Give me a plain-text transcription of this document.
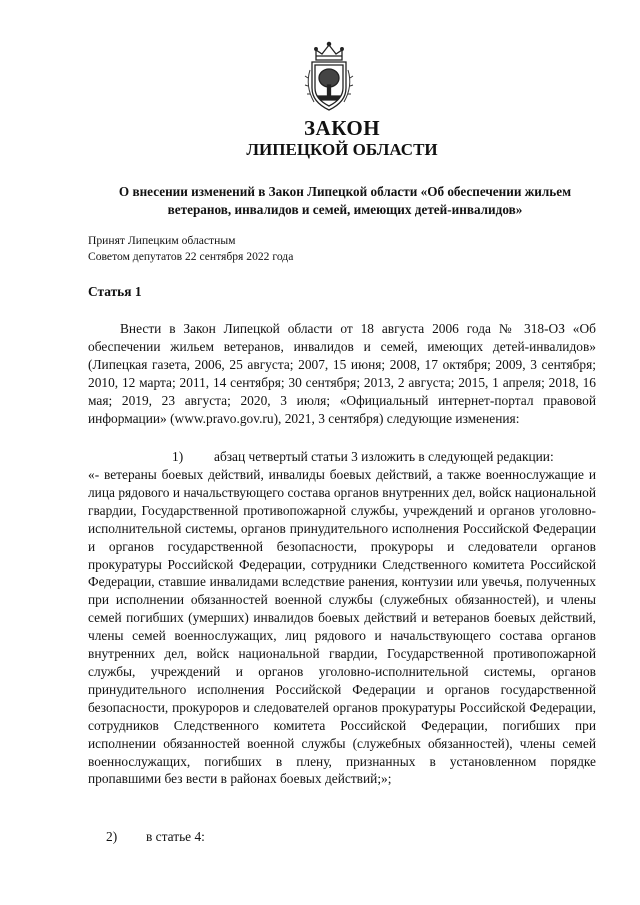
ЗАКОН
ЛИПЕЦКОЙ ОБЛАСТИ
О внесении изменений в Закон Липецкой области «Об обеспечении жильем ветеранов, инвалидов и семей, имеющих детей-инвалидов»
Принят Липецким областным
Советом депутатов 22 сентября 2022 года
Статья 1
Внести в Закон Липецкой области от 18 августа 2006 года № 318-ОЗ «Об обеспечении жильем ветеранов, инвалидов и семей, имеющих детей-инвалидов» (Липецкая газета, 2006, 25 августа; 2007, 15 июня; 2008, 17 октября; 2009, 3 сентября; 2010, 12 марта; 2011, 14 сентября; 30 сентября; 2013, 2 августа; 2015, 1 апреля; 2018, 16 мая; 2019, 23 августа; 2020, 3 июля; «Официальный интернет-портал правовой информации» (www.pravo.gov.ru), 2021, 3 сентября) следующие изменения:
1) абзац четвертый статьи 3 изложить в следующей редакции:
«- ветераны боевых действий, инвалиды боевых действий, а также военнослужащие и лица рядового и начальствующего состава органов внутренних дел, войск национальной гвардии, Государственной противопожарной службы, учреждений и органов уголовно-исполнительной системы, органов принудительного исполнения Российской Федерации и органов государственной безопасности, прокуроры и следователи органов прокуратуры Российской Федерации, сотрудники Следственного комитета Российской Федерации, ставшие инвалидами вследствие ранения, контузии или увечья, полученных при исполнении обязанностей военной службы (служебных обязанностей), и члены семей погибших (умерших) инвалидов боевых действий и ветеранов боевых действий, члены семей военнослужащих, лиц рядового и начальствующего состава органов внутренних дел, войск национальной гвардии, Государственной противопожарной службы, учреждений и органов уголовно-исполнительной системы, органов принудительного исполнения Российской Федерации и органов государственной безопасности, прокуроров и следователей органов прокуратуры Российской Федерации, сотрудников Следственного комитета Российской Федерации, погибших при исполнении обязанностей военной службы (служебных обязанностей), члены семей военнослужащих, погибших в плену, признанных в установленном порядке пропавшими без вести в районах боевых действий;»;
2) в статье 4:
